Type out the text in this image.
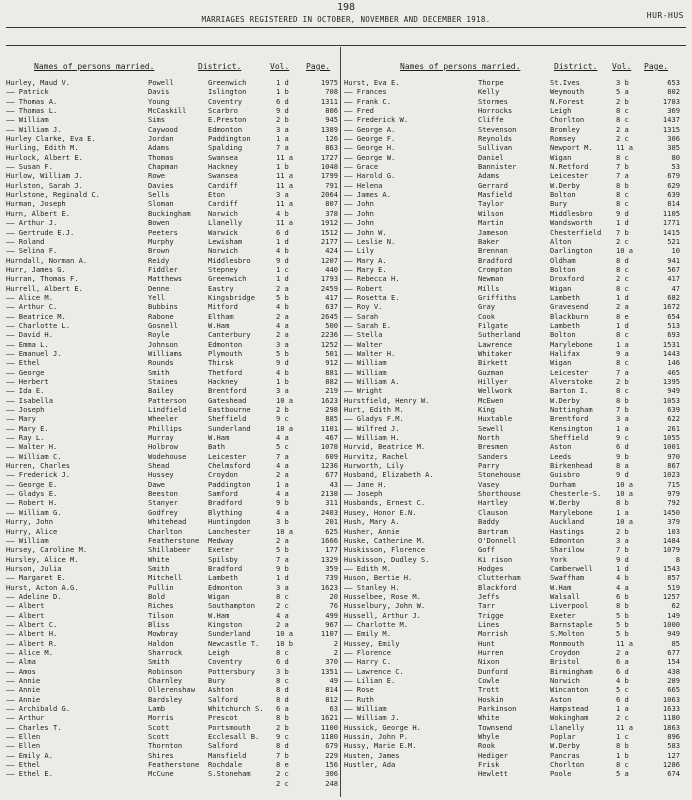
198
HUR-HUS
MARRIAGES REGISTERED IN OCTOBER, NOVEMBER AND DECEMBER 1918.
Names of persons married.	District.	Vol. Page.
Hurley, Maud V.	Powell	Greenwich	1 d	1975
—— Patrick	Davis	Islington	1 b	708
—— Thomas A.	Young	Coventry	6 d	1311
—— Thomas L.	McCaskill	Scarbro	9 d	806
—— William	Sims	E.Preston	2 b	945
—— William J.	Caywood	Edmonton	3 a	1389
Hurley Clarke, Eva E.	Jordan	Paddington	1 a	126
Hurling, Edith M.	Adams	Spalding	7 a	863
Hurlock, Albert E.	Thomas	Swansea	11 a	1727
—— Susan F.	Chapman	Hackney	1 b	1048
Hurlow, William J.	Rowe	Swansea	11 a	1799
Hurlston, Sarah J.	Davies	Cardiff	11 a	791
Hurlstone, Reginald C.	Sells	Eton	3 a	2064
Hurman, Joseph	Sloman	Cardiff	11 a	807
Hurn, Albert E.	Buckingham	Norwich	4 b	378
—— Arthur J.	Bowen	Llanelly	11 a	1912
—— Gertrude E.J.	Peeters	Warwick	6 d	1512
—— Roland	Murphy	Lewisham	1 d	2177
—— Selina F.	Brown	Norwich	4 b	424
Hurndall, Norman A.	Reidy	Middlesbro	9 d	1207
Hurr, James G.	Fiddler	Stepney	1 c	440
Hurran, Thomas F.	Matthews	Greenwich	1 d	1793
Hurrell, Albert E.	Denne	Eastry	2 a	2459
—— Alice M.	Yell	Kingsbridge	5 b	417
—— Arthur C.	Bubbins	Mitford	4 b	637
—— Beatrice M.	Rabone	Eltham	2 a	2645
—— Charlotte L.	Gosnell	W.Ham	4 a	500
—— David H.	Royle	Canterbury	2 a	2236
—— Emma L.	Johnson	Edmonton	3 a	1252
—— Emanuel J.	Williams	Plymouth	5 b	501
—— Ethel	Rounds	Thirsk	9 d	912
—— George	Smith	Thetford	4 b	881
—— Herbert	Staines	Hackney	1 b	882
—— Ida E.	Bailey	Brentford	3 a	219
—— Isabella	Patterson	Gateshead	10 a	1623
—— Joseph	Lindfield	Eastbourne	2 b	298
—— Mary	Wheeler	Sheffield	9 c	885
—— Mary E.	Phillips	Sunderland	10 a	1101
—— Ray L.	Murray	W.Ham	4 a	467
—— Walter H.	Holbrow	Bath	5 c	1078
—— William C.	Wodehouse	Leicester	7 a	609
Hurren, Charles	Shead	Chelmsford	4 a	1236
—— Frederick J.	Hussey	Croydon	2 a	677
—— George E.	Dawe	Paddington	1 a	43
—— Gladys E.	Beeston	Samford	4 a	2138
—— Robert H.	Stanyer	Bradford	9 b	311
—— William G.	Godfrey	Blything	4 a	2403
Hurry, John	Whitehead	Huntingdon	3 b	201
Hurry, Alice	Charlton	Lanchester	10 a	625
—— William	Featherstone	Medway	2 a	1666
Hursey, Caroline M.	Shillabeer	Exeter	5 b	177
Hursley, Alice M.	White	Spilsby	7 a	1329
Hurson, Julia	Smith	Bradford	9 b	359
—— Margaret E.	Mitchell	Lambeth	1 d	739
Hurst, Acton A.G.	Pullin	Edmonton	3 a	1623
—— Adeline D.	Bold	Wigan	8 c	20
—— Albert	Riches	Southampton	2 c	76
—— Albert	Tilson	W.Ham	4 a	499
—— Albert C.	Bliss	Kingston	2 a	967
—— Albert H.	Mowbray	Sunderland	10 a	1107
—— Albert R.	Haldon	Newcastle T.	10 b	2
—— Alice M.	Sharrock	Leigh	8 c	2
—— Alma	Smith	Coventry	6 d	370
—— Amos	Robinson	Pottersbury	3 b	1351
—— Annie	Charnley	Bury	8 c	49
—— Annie	Ollerenshaw	Ashton	8 d	814
—— Annie	Bardsley	Salford	8 d	812
—— Archibald G.	Lamb	Whitchurch S.	6 a	63
—— Arthur	Morris	Prescot	8 b	1621
—— Charles T.	Scott	Portsmouth	2 b	1100
—— Ellen	Scott	Ecclesall B.	9 c	1180
—— Ellen	Thornton	Salford	8 d	679
—— Emily A.	Shires	Mansfield	7 b	229
—— Ethel	Featherstone	Rochdale	8 e	156
—— Ethel E.	McCune	S.Stoneham	2 c	306
2 c	248
Names of persons married.	District. Vol. Page.
Hurst, Eva E.	Thorpe	St.Ives	3 b	653
—— Frances	Kelly	Weymouth	5 a	802
—— Frank C.	Stormes	N.Forest	2 b	1783
—— Fred	Horrocks	Leigh	8 c	369
—— Frederick W.	Cliffe	Chorlton	8 c	1437
—— George A.	Stevenson	Bromley	2 a	1315
—— George F.	Reynolds	Romsey	2 c	306
—— George H.	Sullivan	Newport M.	11 a	385
—— George W.	Daniel	Wigan	8 c	80
—— Grace	Bannister	N.Retford	7 b	53
—— Harold G.	Adams	Leicester	7 a	679
—— Helena	Gerrard	W.Derby	8 b	629
—— James A.	Masfield	Bolton	8 c	639
—— John	Taylor	Bury	8 c	814
—— John	Wilson	Middlesbro	9 d	1105
—— John	Martin	Wandsworth	1 d	1771
—— John W.	Jameson	Chesterfield	7 b	1415
—— Leslie N.	Baker	Alton	2 c	521
—— Lily	Brennan	Darlington	10 a	10
—— Mary A.	Bradford	Oldham	8 d	941
—— Mary E.	Crompton	Bolton	8 c	567
—— Rebecca H.	Newman	Droxford	2 c	417
—— Robert	Mills	Wigan	8 c	47
—— Rosetta E.	Griffiths	Lambeth	1 d	682
—— Roy V.	Gray	Gravesend	2 a	1672
—— Sarah	Cook	Blackburn	8 e	654
—— Sarah E.	Filgate	Lambeth	1 d	513
—— Stella	Sutherland	Bolton	8 c	693
—— Walter	Lawrence	Marylebone	1 a	1531
—— Walter H.	Whitaker	Halifax	9 a	1443
—— William	Birkett	Wigan	8 c	146
—— William	Guzman	Leicester	7 a	465
—— William A.	Hillyer	Alverstoke	2 b	1395
—— Wright	Wellwork	Barton I.	8 c	949
Hurstfield, Henry W.	McEwen	W.Derby	8 b	1053
Hurt, Edith M.	King	Nottingham	7 b	639
—— Gladys F.M.	Huxtable	Brentford	3 a	622
—— Wilfred J.	Sewell	Kensington	1 a	261
—— William H.	North	Sheffield	9 c	1055
Hurvid, Beatrice M.	Bresmen	Aston	6 d	1001
Hurvitz, Rachel	Sanders	Leeds	9 b	970
Hurworth, Lily	Parry	Birkenhead	8 a	867
Husband, Elizabeth A.	Stonehouse	Guisbro	9 d	1023
—— Jane H.	Vasey	Durham	10 a	715
—— Joseph	Shorthouse	Chesterle-S.	10 a	979
Husbands, Ernest C.	Hartley	W.Derby	8 b	792
Husey, Honor E.N.	Clauson	Marylebone	1 a	1450
Hush, Mary A.	Baddy	Auckland	10 a	379
Husher, Annie	Bartram	Hastings	2 b	103
Huske, Catherine M.	O'Donnell	Edmonton	3 a	1484
Huskisson, Florence	Goff	Sharilow	7 b	1079
Huskisson, Dudley S.	Ki rison	York	9 d	8
—— Edith M.	Hodges	Camberwell	1 d	1543
Huson, Bertie H.	Clutterham	Swaffham	4 b	857
—— Stanley H.	Blackford	W.Ham	4 a	519
Husselbee, Rose M.	Jeffs	Walsall	6 b	1257
Husselbury, John W.	Tarr	Liverpool	8 b	62
Hussell, Arthur J.	Trigge	Exeter	5 b	149
—— Charlotte M.	Lines	Barnstaple	5 b	1000
—— Emily M.	Morrish	S.Molton	5 b	949
Hussey, Emily	Hunt	Monmouth	11 a	85
—— Florence	Hurren	Croydon	2 a	677
—— Harry C.	Nixon	Bristol	6 a	154
—— Lawrence C.	Dunford	Birmingham	6 d	438
—— Lilian E.	Cowle	Norwich	4 b	289
—— Rose	Trott	Wincanton	5 c	665
—— Ruth	Hoskin	Aston	6 d	1063
—— William	Parkinson	Hampstead	1 a	1633
—— William J.	White	Wokingham	2 c	1180
Hussick, George H.	Townsend	Llanelly	11 a	1863
Hussin, John P.	Whyle	Poplar	1 c	896
Hussy, Marie E.M.	Rook	W.Derby	8 b	583
Husten, James	Hediger	Pancras	1 b	127
Hustler, Ada	Frisk	Chorlton	8 c	1286
Hewlett	Poole	5 a	674
